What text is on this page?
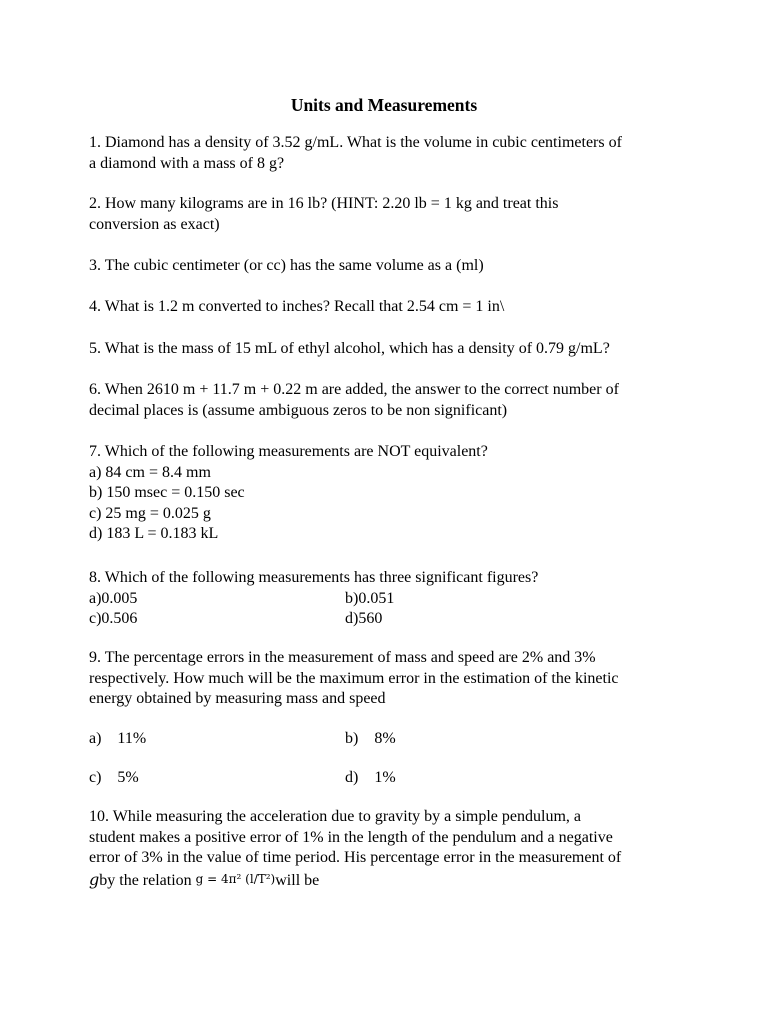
Units and Measurements
1. Diamond has a density of 3.52 g/mL. What is the volume in cubic centimeters of
a diamond with a mass of 8 g?
2. How many kilograms are in 16 lb? (HINT: 2.20 lb = 1 kg and treat this
conversion as exact)
3. The cubic centimeter (or cc) has the same volume as a (ml)
4. What is 1.2 m converted to inches? Recall that 2.54 cm = 1 in\
5. What is the mass of 15 mL of ethyl alcohol, which has a density of 0.79 g/mL?
6. When 2610 m + 11.7 m + 0.22 m are added, the answer to the correct number of
decimal places is (assume ambiguous zeros to be non significant)
7. Which of the following measurements are NOT equivalent?
a) 84 cm = 8.4 mm
b) 150 msec = 0.150 sec
c) 25 mg = 0.025 g
d) 183 L = 0.183 kL
8. Which of the following measurements has three significant figures?
a)0.005	b)0.051
c)0.506	d)560
9. The percentage errors in the measurement of mass and speed are 2% and 3%
respectively. How much will be the maximum error in the estimation of the kinetic
energy obtained by measuring mass and speed
a)    11%	b)    8%
c)    5%	d)    1%
10. While measuring the acceleration due to gravity by a simple pendulum, a
student makes a positive error of 1% in the length of the pendulum and a negative
error of 3% in the value of time period. His percentage error in the measurement of
gby the relation g = 4π² (l/T²)will be
